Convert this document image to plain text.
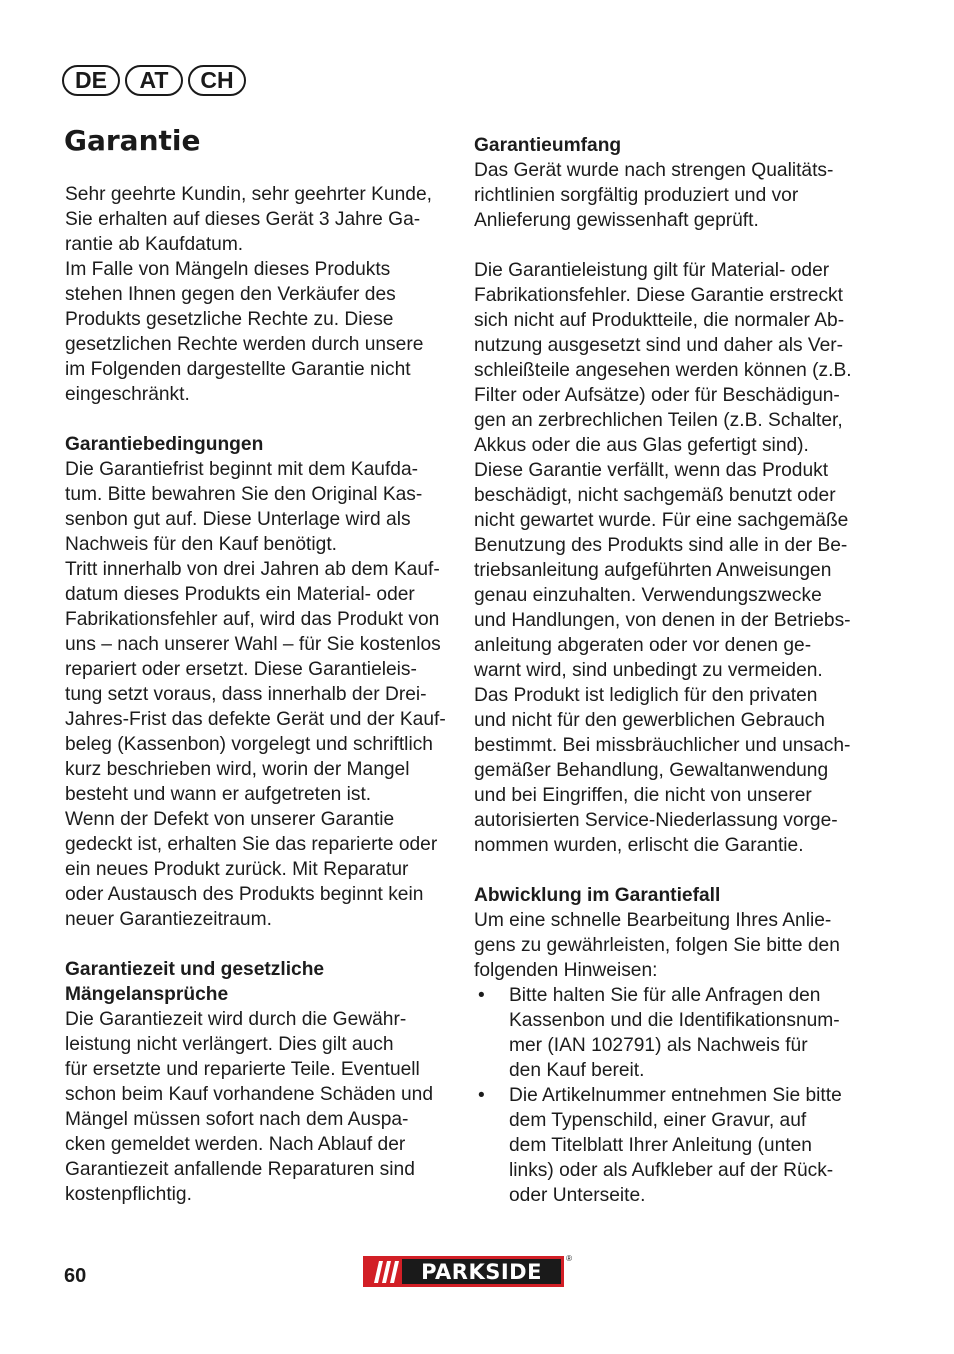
DE	AT	CH
Garantie

Sehr geehrte Kundin, sehr geehrter Kunde,
Sie erhalten auf dieses Gerät 3 Jahre Ga-
rantie ab Kaufdatum.
Im Falle von Mängeln dieses Produkts
stehen Ihnen gegen den Verkäufer des
Produkts gesetzliche Rechte zu. Diese
gesetzlichen Rechte werden durch unsere
im Folgenden dargestellte Garantie nicht
eingeschränkt.

Garantiebedingungen

Die Garantiefrist beginnt mit dem Kaufda-
tum. Bitte bewahren Sie den Original Kas-
senbon gut auf. Diese Unterlage wird als
Nachweis für den Kauf benötigt.
Tritt innerhalb von drei Jahren ab dem Kauf-
datum dieses Produkts ein Material- oder
Fabrikationsfehler auf, wird das Produkt von
uns – nach unserer Wahl – für Sie kostenlos
repariert oder ersetzt. Diese Garantieleis-
tung setzt voraus, dass innerhalb der Drei-
Jahres-Frist das defekte Gerät und der Kauf-
beleg (Kassenbon) vorgelegt und schriftlich
kurz beschrieben wird, worin der Mangel
besteht und wann er aufgetreten ist.
Wenn der Defekt von unserer Garantie
gedeckt ist, erhalten Sie das reparierte oder
ein neues Produkt zurück. Mit Reparatur
oder Austausch des Produkts beginnt kein
neuer Garantiezeitraum.

Garantiezeit und gesetzliche
Mängelansprüche

Die Garantiezeit wird durch die Gewähr-
leistung nicht verlängert. Dies gilt auch
für ersetzte und reparierte Teile. Eventuell
schon beim Kauf vorhandene Schäden und
Mängel müssen sofort nach dem Auspa-
cken gemeldet werden. Nach Ablauf der
Garantiezeit anfallende Reparaturen sind
kostenpflichtig.

Garantieumfang

Das Gerät wurde nach strengen Qualitäts-
richtlinien sorgfältig produziert und vor
Anlieferung gewissenhaft geprüft.

Die Garantieleistung gilt für Material- oder
Fabrikationsfehler. Diese Garantie erstreckt
sich nicht auf Produktteile, die normaler Ab-
nutzung ausgesetzt sind und daher als Ver-
schleißteile angesehen werden können (z.B.
Filter oder Aufsätze) oder für Beschädigun-
gen an zerbrechlichen Teilen (z.B. Schalter,
Akkus oder die aus Glas gefertigt sind).
Diese Garantie verfällt, wenn das Produkt
beschädigt, nicht sachgemäß benutzt oder
nicht gewartet wurde. Für eine sachgemäße
Benutzung des Produkts sind alle in der Be-
triebsanleitung aufgeführten Anweisungen
genau einzuhalten. Verwendungszwecke
und Handlungen, von denen in der Betriebs-
anleitung abgeraten oder vor denen ge-
warnt wird, sind unbedingt zu vermeiden.
Das Produkt ist lediglich für den privaten
und nicht für den gewerblichen Gebrauch
bestimmt. Bei missbräuchlicher und unsach-
gemäßer Behandlung, Gewaltanwendung
und bei Eingriffen, die nicht von unserer
autorisierten Service-Niederlassung vorge-
nommen wurden, erlischt die Garantie.

Abwicklung im Garantiefall

Um eine schnelle Bearbeitung Ihres Anlie-
gens zu gewährleisten, folgen Sie bitte den
folgenden Hinweisen:

• Bitte halten Sie für alle Anfragen den
Kassenbon und die Identifikationsnum-
mer (IAN 102791) als Nachweis für
den Kauf bereit.
• Die Artikelnummer entnehmen Sie bitte
dem Typenschild, einer Gravur, auf
dem Titelblatt Ihrer Anleitung (unten
links) oder als Aufkleber auf der Rück-
oder Unterseite.
60	PARKSIDE
®
